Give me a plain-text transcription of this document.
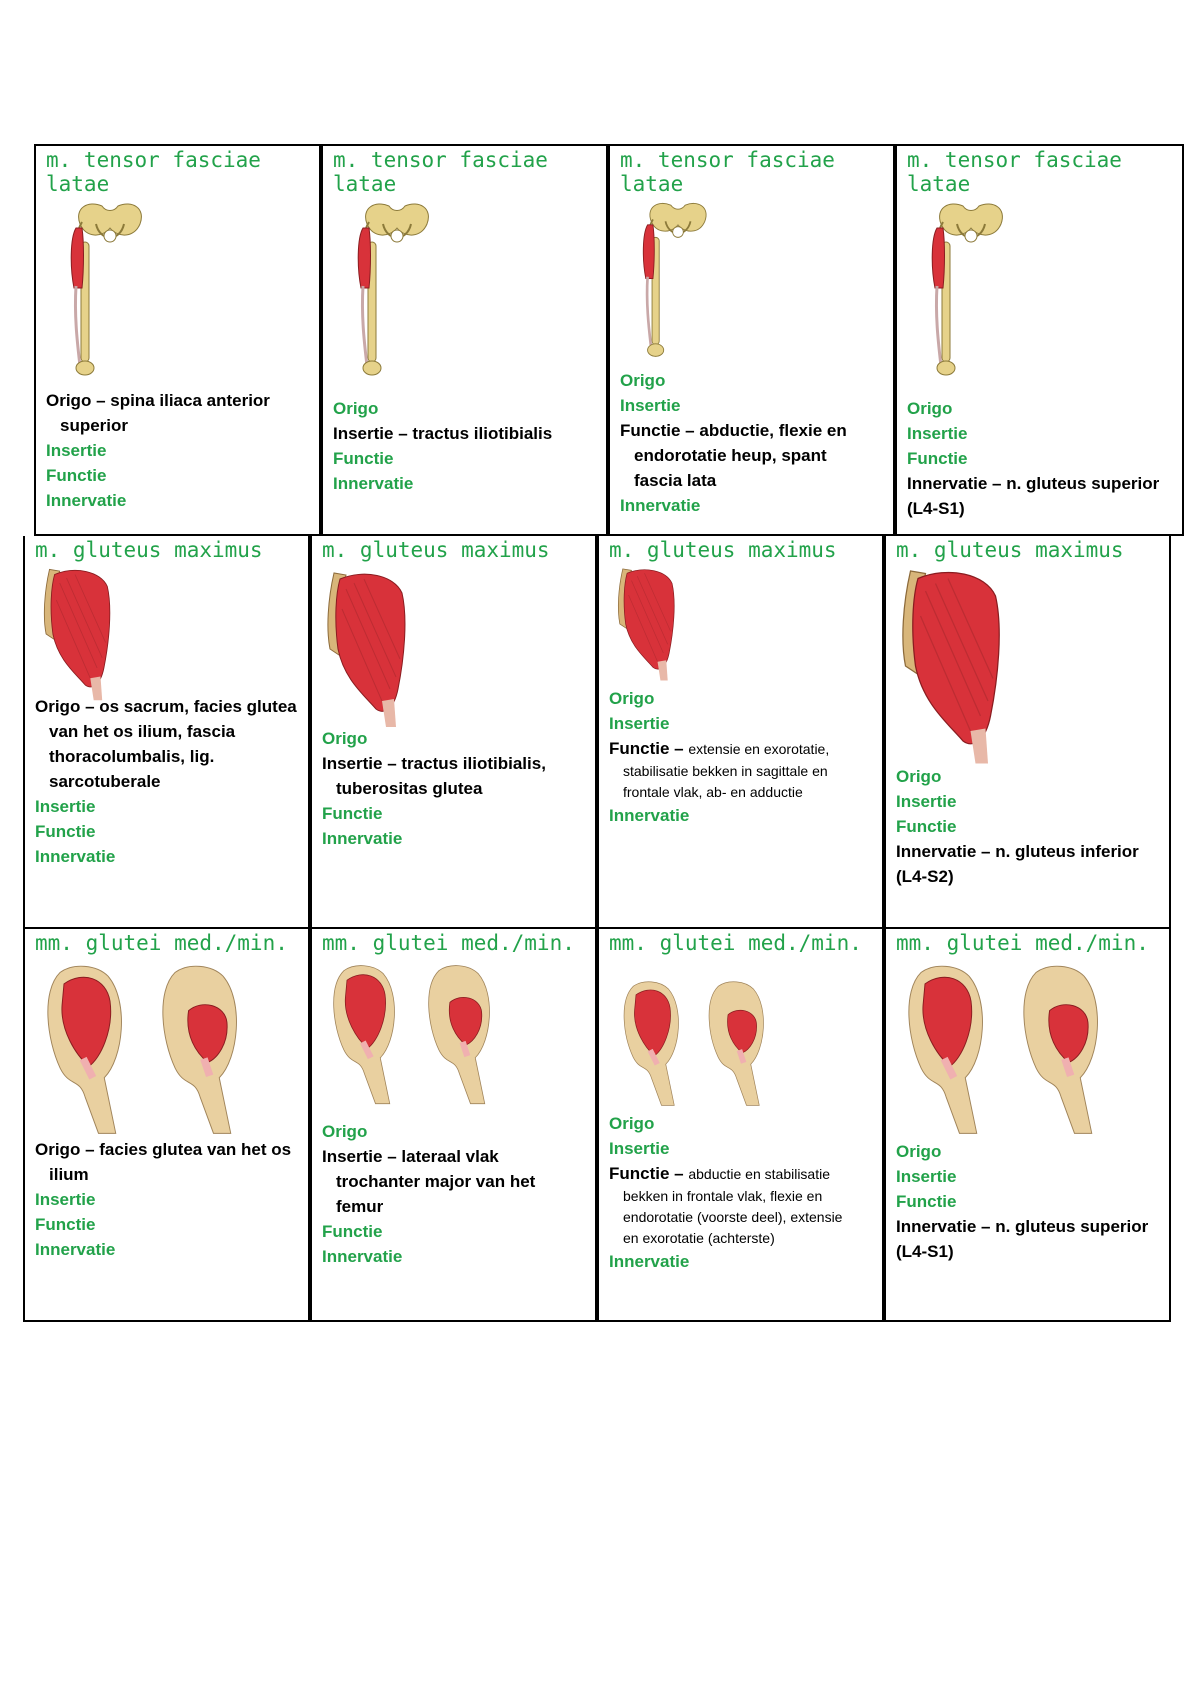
m. tensor fasciae
latae
Origo – spina iliaca anterior
superior
Insertie
Functie
Innervatie
m. tensor fasciae
latae
Origo
Insertie – tractus iliotibialis
Functie
Innervatie
m. tensor fasciae
latae
Origo
Insertie
Functie – abductie, flexie en
endorotatie heup, spant
fascia lata
Innervatie
m. tensor fasciae
latae
Origo
Insertie
Functie
Innervatie – n. gluteus superior
(L4-S1)
m. gluteus maximus
Origo – os sacrum, facies glutea
van het os ilium, fascia
thoracolumbalis, lig.
sarcotuberale
Insertie
Functie
Innervatie
m. gluteus maximus
Origo
Insertie – tractus iliotibialis,
tuberositas glutea
Functie
Innervatie
m. gluteus maximus
Origo
Insertie
Functie – extensie en exorotatie,
stabilisatie bekken in sagittale en
frontale vlak, ab- en adductie
Innervatie
m. gluteus maximus
Origo
Insertie
Functie
Innervatie – n. gluteus inferior
(L4-S2)
mm. glutei med./min.
Origo – facies glutea van het os
ilium
Insertie
Functie
Innervatie
mm. glutei med./min.
Origo
Insertie – lateraal vlak
trochanter major van het
femur
Functie
Innervatie
mm. glutei med./min.
Origo
Insertie
Functie – abductie en stabilisatie
bekken in frontale vlak, flexie en
endorotatie (voorste deel), extensie
en exorotatie (achterste)
Innervatie
mm. glutei med./min.
Origo
Insertie
Functie
Innervatie – n. gluteus superior
(L4-S1)
